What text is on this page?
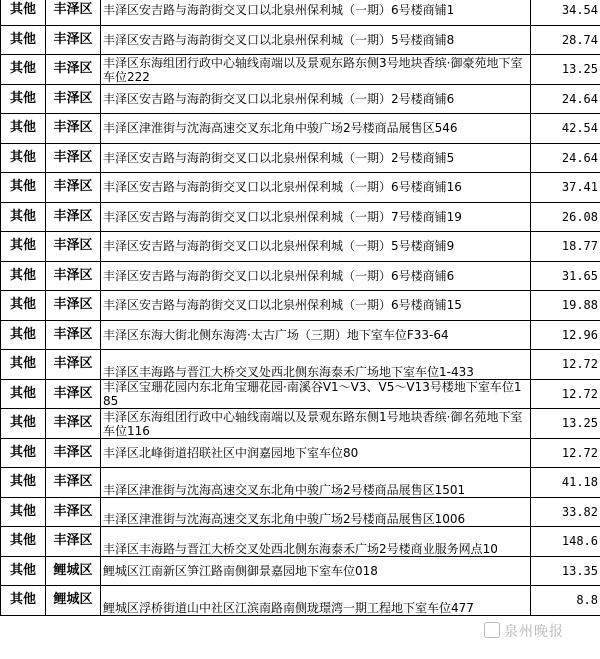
其他	丰泽区	丰泽区安吉路与海韵街交叉口以北泉州保利城（一期）6号楼商铺1	34.54
其他	丰泽区	丰泽区安吉路与海韵街交叉口以北泉州保利城（一期）5号楼商铺8	28.74
其他	丰泽区	丰泽区东海组团行政中心轴线南端以及景观东路东侧3号地块香缤·御豪苑地下室车位222	13.25
其他	丰泽区	丰泽区安吉路与海韵街交叉口以北泉州保利城（一期）2号楼商铺6	24.64
其他	丰泽区	丰泽区津淮街与沈海高速交叉东北角中骏广场2号楼商品展售区546	42.54
其他	丰泽区	丰泽区安吉路与海韵街交叉口以北泉州保利城（一期）2号楼商铺5	24.64
其他	丰泽区	丰泽区安吉路与海韵街交叉口以北泉州保利城（一期）6号楼商铺16	37.41
其他	丰泽区	丰泽区安吉路与海韵街交叉口以北泉州保利城（一期）7号楼商铺19	26.08
其他	丰泽区	丰泽区安吉路与海韵街交叉口以北泉州保利城（一期）5号楼商铺9	18.77
其他	丰泽区	丰泽区安吉路与海韵街交叉口以北泉州保利城（一期）6号楼商铺6	31.65
其他	丰泽区	丰泽区安吉路与海韵街交叉口以北泉州保利城（一期）6号楼商铺15	19.88
其他	丰泽区	丰泽区东海大街北侧东海湾·太古广场（三期）地下室车位F33-64	12.96
其他	丰泽区	丰泽区丰海路与晋江大桥交叉处西北侧东海泰禾广场地下室车位1-433	12.72
其他	丰泽区	丰泽区宝珊花园内东北角宝珊花园·南溪谷V1～V3、V5～V13号楼地下室车位185	12.72
其他	丰泽区	丰泽区东海组团行政中心轴线南端以及景观东路东侧1号地块香缤·御名苑地下室车位116	13.25
其他	丰泽区	丰泽区北峰街道招联社区中润嘉园地下室车位80	12.72
其他	丰泽区	丰泽区津淮街与沈海高速交叉东北角中骏广场2号楼商品展售区1501	41.18
其他	丰泽区	丰泽区津淮街与沈海高速交叉东北角中骏广场2号楼商品展售区1006	33.82
其他	丰泽区	丰泽区丰海路与晋江大桥交叉处西北侧东海泰禾广场2号楼商业服务网点10	148.6
其他	鲤城区	鲤城区江南新区笋江路南侧御景嘉园地下室车位018	13.35
其他	鲤城区	鲤城区浮桥街道山中社区江滨南路南侧珑璟湾一期工程地下室车位477	8.8
泉州晚报
